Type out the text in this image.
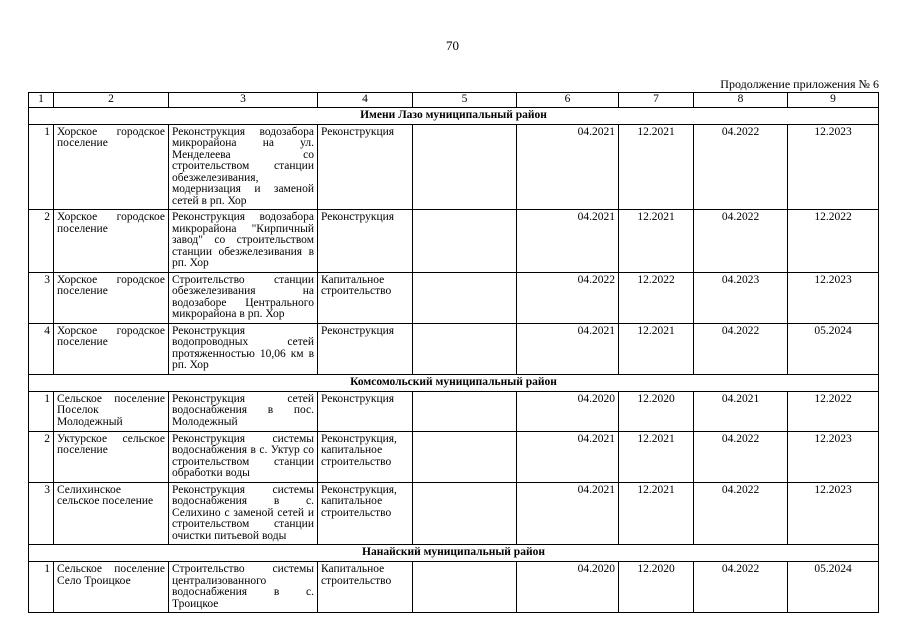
70
Продолжение приложения № 6
1	2	3	4	5	6	7	8	9
Имени Лазо муниципальный район								
1	Хорское городское поселение	Реконструкция водозабора микрорайона на ул. Менделеева со строительством станции обезжелезивания, модернизация и заменой сетей в рп. Хор	Реконструкция		04.2021	12.2021	04.2022	12.2023
2	Хорское городское поселение	Реконструкция водозабора микрорайона "Кирпичный завод" со строительством станции обезжелезивания в рп. Хор	Реконструкция		04.2021	12.2021	04.2022	12.2022
3	Хорское городское поселение	Строительство станции обезжелезивания на водозаборе Центрального микрорайона в рп. Хор	Капитальное строительство		04.2022	12.2022	04.2023	12.2023
4	Хорское городское поселение	Реконструкция водопроводных сетей протяженностью 10,06 км в рп. Хор	Реконструкция		04.2021	12.2021	04.2022	05.2024
Комсомольский муниципальный район								
1	Сельское поселение Поселок Молодежный	Реконструкция сетей водоснабжения в пос. Молодежный	Реконструкция		04.2020	12.2020	04.2021	12.2022
2	Уктурское сельское поселение	Реконструкция системы водоснабжения в с. Уктур со строительством станции обработки воды	Реконструкция, капитальное строительство		04.2021	12.2021	04.2022	12.2023
3	Селихинское сельское поселение	Реконструкция системы водоснабжения в с. Селихино с заменой сетей и строительством станции очистки питьевой воды	Реконструкция, капитальное строительство		04.2021	12.2021	04.2022	12.2023
Нанайский муниципальный район								
1	Сельское поселение Село Троицкое	Строительство системы централизованного водоснабжения в с. Троицкое	Капитальное строительство		04.2020	12.2020	04.2022	05.2024
